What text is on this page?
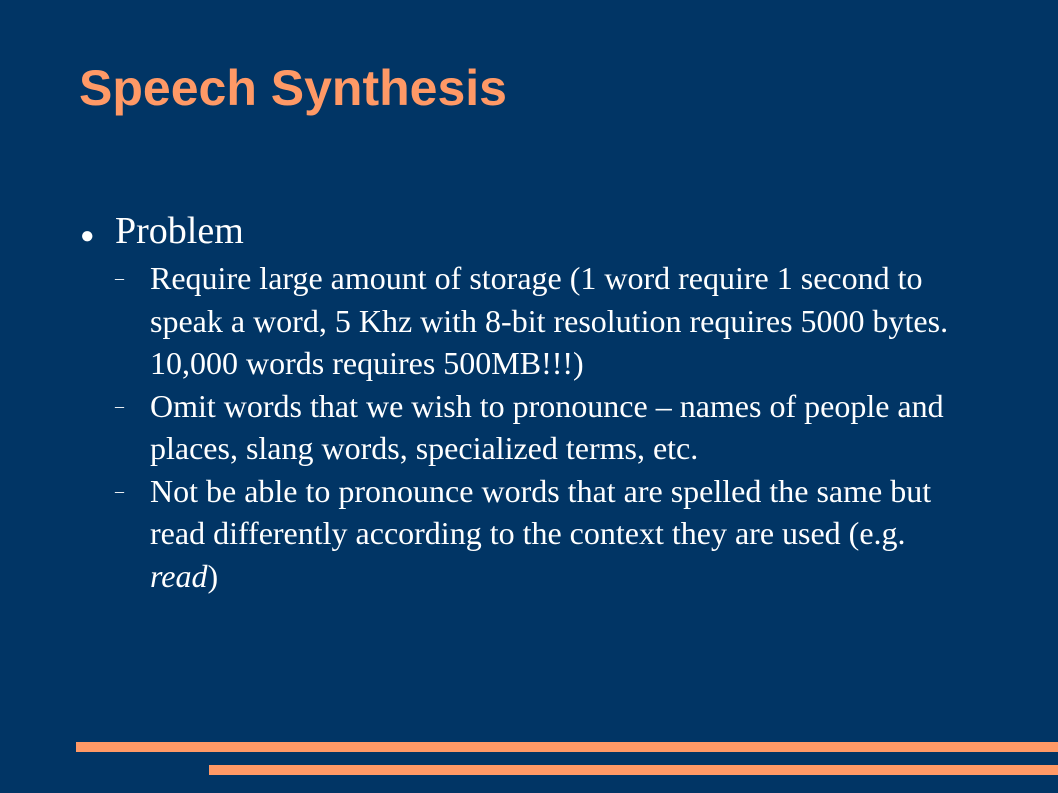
Speech Synthesis
● Problem
– Require large amount of storage (1 word require 1 second to speak a word, 5 Khz with 8-bit resolution requires 5000 bytes. 10,000 words requires 500MB!!!)
– Omit words that we wish to pronounce – names of people and places, slang words, specialized terms, etc.
– Not be able to pronounce words that are spelled the same but read differently according to the context they are used (e.g. read)
